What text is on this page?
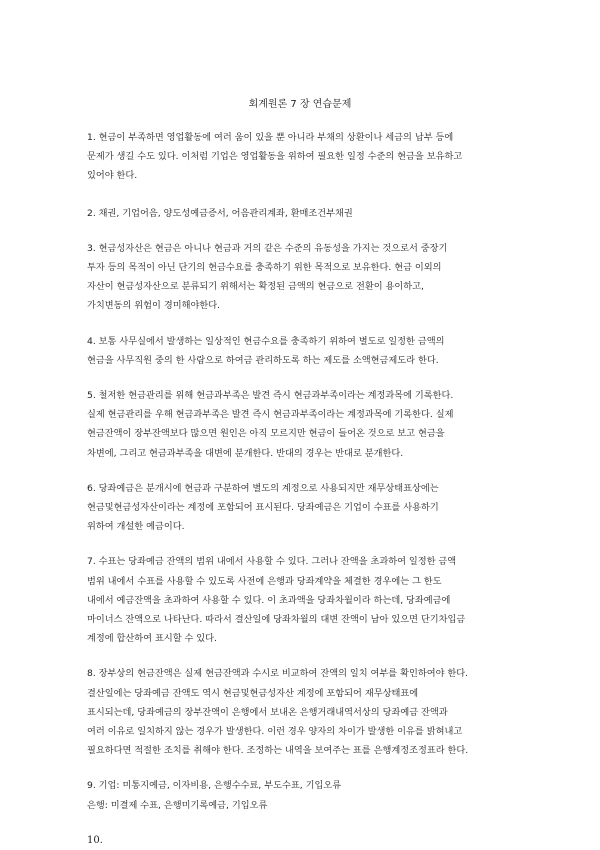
회계원론 7 장 연습문제

1. 현금이 부족하면 영업활동에 여러 움이 있을 뿐 아니라 부채의 상환이나 세금의 납부 등에
문제가 생길 수도 있다. 이처럼 기업은 영업활동을 위하여 필요한 일정 수준의 현금을 보유하고
있어야 한다.

2. 채권, 기업어음, 양도성예금증서, 어음관리계좌, 환매조건부채권

3. 현금성자산은 현금은 아니나 현금과 거의 같은 수준의 유동성을 가지는 것으로서 중장기
투자 등의 목적이 아닌 단기의 현금수요를 충족하기 위한 목적으로 보유한다. 현금 이외의
자산이 현금성자산으로 분류되기 위해서는 확정된 금액의 현금으로 전환이 용이하고,
가치변동의 위험이 경미해야한다.

4. 보통 사무실에서 발생하는 일상적인 현금수요를 충족하기 위하여 별도로 일정한 금액의
현금을 사무직원 중의 한 사람으로 하여금 관리하도록 하는 제도를 소액현금제도라 한다.

5. 철저한 현금관리를 위해 현금과부족은 발견 즉시 현금과부족이라는 계정과목에 기록한다.
실제 현금관리를 우해 현금과부족은 발견 즉시 현금과부족이라는 계정과목에 기록한다. 실제
현금잔액이 장부잔액보다 많으면 원인은 아직 모르지만 현금이 들어온 것으로 보고 현금을
차변에, 그리고 현금과부족을 대변에 분개한다. 반대의 경우는 반대로 분개한다.

6. 당좌예금은 분개시에 현금과 구분하여 별도의 계정으로 사용되지만 재무상태표상에는
현금및현금성자산이라는 계정에 포함되어 표시된다. 당좌예금은 기업이 수표를 사용하기
위하여 개설한 예금이다.

7. 수표는 당좌예금 잔액의 범위 내에서 사용할 수 있다. 그러나 잔액을 초과하여 일정한 금액
범위 내에서 수표를 사용할 수 있도록 사전에 은행과 당좌계약을 체결한 경우에는 그 한도
내에서 예금잔액을 초과하여 사용할 수 있다. 이 초과액을 당좌차월이라 하는데, 당좌예금에
마이너스 잔액으로 나타난다. 따라서 결산일에 당좌차월의 대변 잔액이 남아 있으면 단기차입금
계정에 합산하여 표시할 수 있다.

8. 장부상의 현금잔액은 실제 현금잔액과 수시로 비교하여 잔액의 일치 여부를 확인하여야 한다.
결산일에는 당좌예금 잔액도 역시 현금및현금성자산 계정에 포함되어 재무상태표에
표시되는데, 당좌예금의 장부잔액이 은행에서 보내온 은행거래내역서상의 당좌예금 잔액과
여러 이유로 일치하지 않는 경우가 발생한다. 이런 경우 양자의 차이가 발생한 이유를 밝혀내고
필요하다면 적절한 조치를 취해야 한다. 조정하는 내역을 보여주는 표를 은행계정조정표라 한다.

9. 기업: 미통지예금, 이자비용, 은행수수료, 부도수표, 기입오류
은행: 미결제 수표, 은행미기록예금, 기입오류

10.
